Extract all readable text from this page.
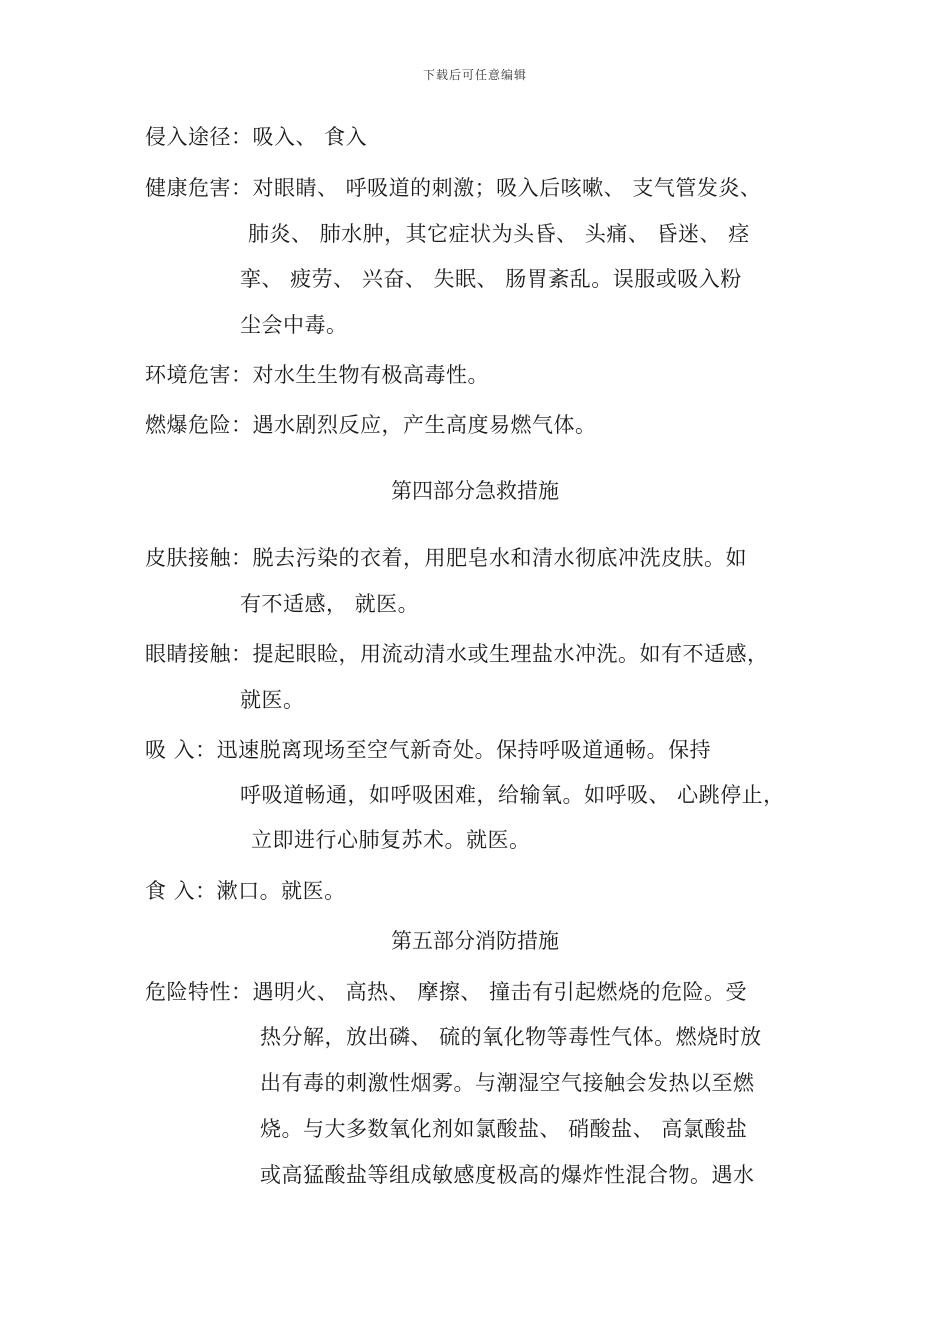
下载后可任意编辑
侵入途径：吸入、 食入
健康危害：对眼睛、 呼吸道的刺激；吸入后咳嗽、 支气管发炎、
肺炎、 肺水肿，其它症状为头昏、 头痛、 昏迷、 痉
挛、 疲劳、 兴奋、 失眠、 肠胃紊乱。误服或吸入粉
尘会中毒。
环境危害：对水生生物有极高毒性。
燃爆危险：遇水剧烈反应，产生高度易燃气体。
第四部分急救措施
皮肤接触：脱去污染的衣着，用肥皂水和清水彻底冲洗皮肤。如
有不适感， 就医。
眼睛接触：提起眼睑，用流动清水或生理盐水冲洗。如有不适感，
就医。
吸 入：迅速脱离现场至空气新奇处。保持呼吸道通畅。保持
呼吸道畅通，如呼吸困难，给输氧。如呼吸、 心跳停止，
立即进行心肺复苏术。就医。
食 入：漱口。就医。
第五部分消防措施
危险特性：遇明火、 高热、 摩擦、 撞击有引起燃烧的危险。受
热分解，放出磷、 硫的氧化物等毒性气体。燃烧时放
出有毒的刺激性烟雾。与潮湿空气接触会发热以至燃
烧。与大多数氧化剂如氯酸盐、 硝酸盐、 高氯酸盐
或高猛酸盐等组成敏感度极高的爆炸性混合物。遇水
